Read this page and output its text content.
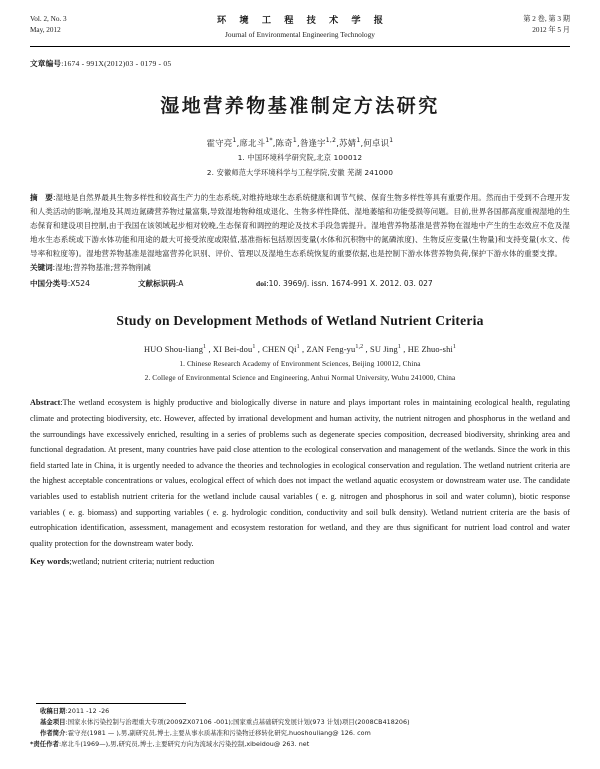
Vol. 2, No. 3
May, 2012
环 境 工 程 技 术 学 报
Journal of Environmental Engineering Technology
第 2 卷, 第 3 期
2012 年 5 月
文章编号:1674 - 991X(2012)03 - 0179 - 05
湿地营养物基准制定方法研究
霍守亮$^1$,席北斗$^{1*}$,陈奇$^1$,昝逢宇$^{1,2}$,苏婧$^1$,何卓识$^1$
1. 中国环境科学研究院,北京 100012
2. 安徽师范大学环境科学与工程学院,安徽 芜湖 241000
摘　要:湿地是自然界最具生物多样性和较高生产力的生态系统,对维持地球生态系统健康和调节气候、保育生物多样性等具有重要作用。然而由于受到不合理开发和人类活动的影响,湿地及其周边氮磷营养物过量富集,导致湿地物种组成退化、生物多样性降低、湿地萎缩和功能受损等问题。目前,世界各国都高度重视湿地的生态保育和建设项目控制,由于我国在该领域起步相对较晚,生态保育和调控的理论及技术手段急需提升。湿地营养物基准是营养物在湿地中产生的生态效应不危及湿地水生态系统或下游水体功能和用途的最大可接受浓度或限值,基准指标包括原因变量(水体和沉积物中的氮磷浓度)、生物反应变量(生物量)和支持变量(水文、传导率和粒度等)。湿地营养物基准是湿地富营养化识别、评价、管理以及湿地生态系统恢复的重要依据,也是控制下游水体营养物负荷,保护下游水体的重要支撑。
关键词:湿地;营养物基准;营养物削减
中国分类号:X524	文献标识码:A	doi:10. 3969/j. issn. 1674-991 X. 2012. 03. 027
Study on Development Methods of Wetland Nutrient Criteria
HUO Shou-liang$^1$ , XI Bei-dou$^1$ , CHEN Qi$^1$ , ZAN Feng-yu$^{1,2}$ , SU Jing$^1$ , HE Zhuo-shi$^1$
1. Chinese Research Academy of Environment Sciences, Beijing 100012, China
2. College of Environmental Science and Engineering, Anhui Normal University, Wuhu 241000, China
Abstract:The wetland ecosystem is highly productive and biologically diverse in nature and plays important roles in maintaining ecological health, regulating climate and protecting biodiversity, etc. However, affected by irrational development and human activity, the nutrient nitrogen and phosphorus in the wetland and the surroundings have excessively enriched, resulting in a series of problems such as degenerate species composition, decreased biodiversity, shrinking area and functional degradation. At present, many countries have paid close attention to the ecological conservation and management of the wetlands. Since the work in this field started late in China, it is urgently needed to advance the theories and technologies in ecological conservation and regulation. The wetland nutrient criteria are the highest acceptable concentrations or values, ecological effect of which does not impact the wetland aquatic ecosystem or downstream water use. The candidate variables used to establish nutrient criteria for the wetland include causal variables ( e. g. nitrogen and phosphorus in soil and water column), biotic response variables ( e. g. biomass) and supporting variables ( e. g. hydrologic condition, conductivity and soil bulk density). Wetland nutrient criteria are the basis of eutrophication identification, assessment, management and ecosystem restoration for wetland, and they are thus significant for nutrient load control and water quality protection for the downstream water body.
Key words;wetland; nutrient criteria; nutrient reduction
收稿日期:2011 -12 -26
基金项目:国家水体污染控制与治理重大专项(2009ZX07106 -001);国家重点基础研究发展计划(973 计划)项目(2008CB418206)
作者简介:霍守亮(1981 — ),男,副研究员,博士,主要从事水质基准和污染物迁移转化研究,huoshouliang@ 126. com
*责任作者:席北斗(1969—),男,研究员,博士,主要研究方向为流域水污染控制,xibeidou@ 263. net
